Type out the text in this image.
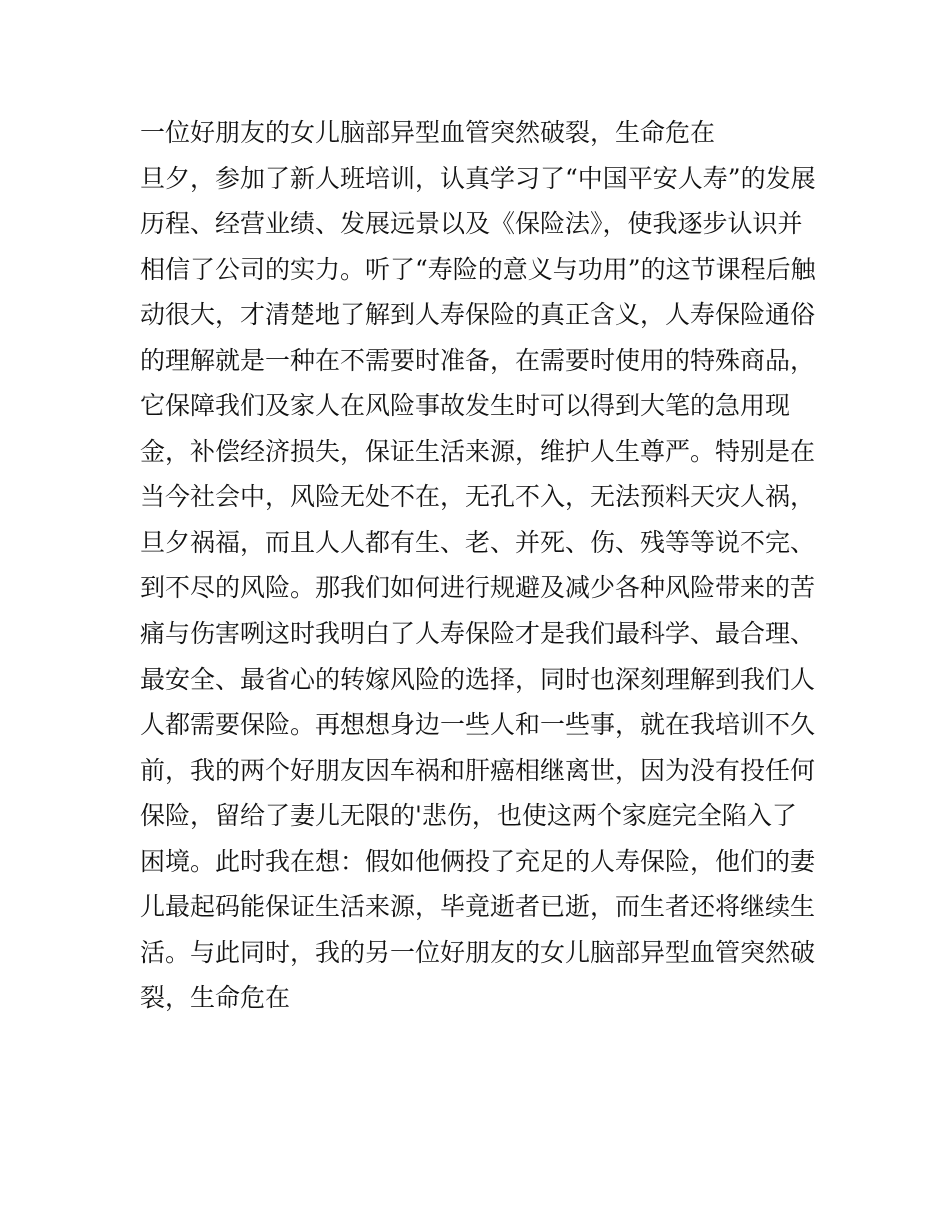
一位好朋友的女儿脑部异型血管突然破裂，生命危在
旦夕，参加了新人班培训，认真学习了“中国平安人寿”的发展
历程、经营业绩、发展远景以及《保险法》，使我逐步认识并
相信了公司的实力。听了“寿险的意义与功用”的这节课程后触
动很大，才清楚地了解到人寿保险的真正含义，人寿保险通俗
的理解就是一种在不需要时准备，在需要时使用的特殊商品，
它保障我们及家人在风险事故发生时可以得到大笔的急用现
金，补偿经济损失，保证生活来源，维护人生尊严。特别是在
当今社会中，风险无处不在，无孔不入，无法预料天灾人祸，
旦夕祸福，而且人人都有生、老、并死、伤、残等等说不完、
到不尽的风险。那我们如何进行规避及减少各种风险带来的苦
痛与伤害咧这时我明白了人寿保险才是我们最科学、最合理、
最安全、最省心的转嫁风险的选择，同时也深刻理解到我们人
人都需要保险。再想想身边一些人和一些事，就在我培训不久
前，我的两个好朋友因车祸和肝癌相继离世，因为没有投任何
保险，留给了妻儿无限的'悲伤，也使这两个家庭完全陷入了
困境。此时我在想：假如他俩投了充足的人寿保险，他们的妻
儿最起码能保证生活来源，毕竟逝者已逝，而生者还将继续生
活。与此同时，我的另一位好朋友的女儿脑部异型血管突然破
裂，生命危在
